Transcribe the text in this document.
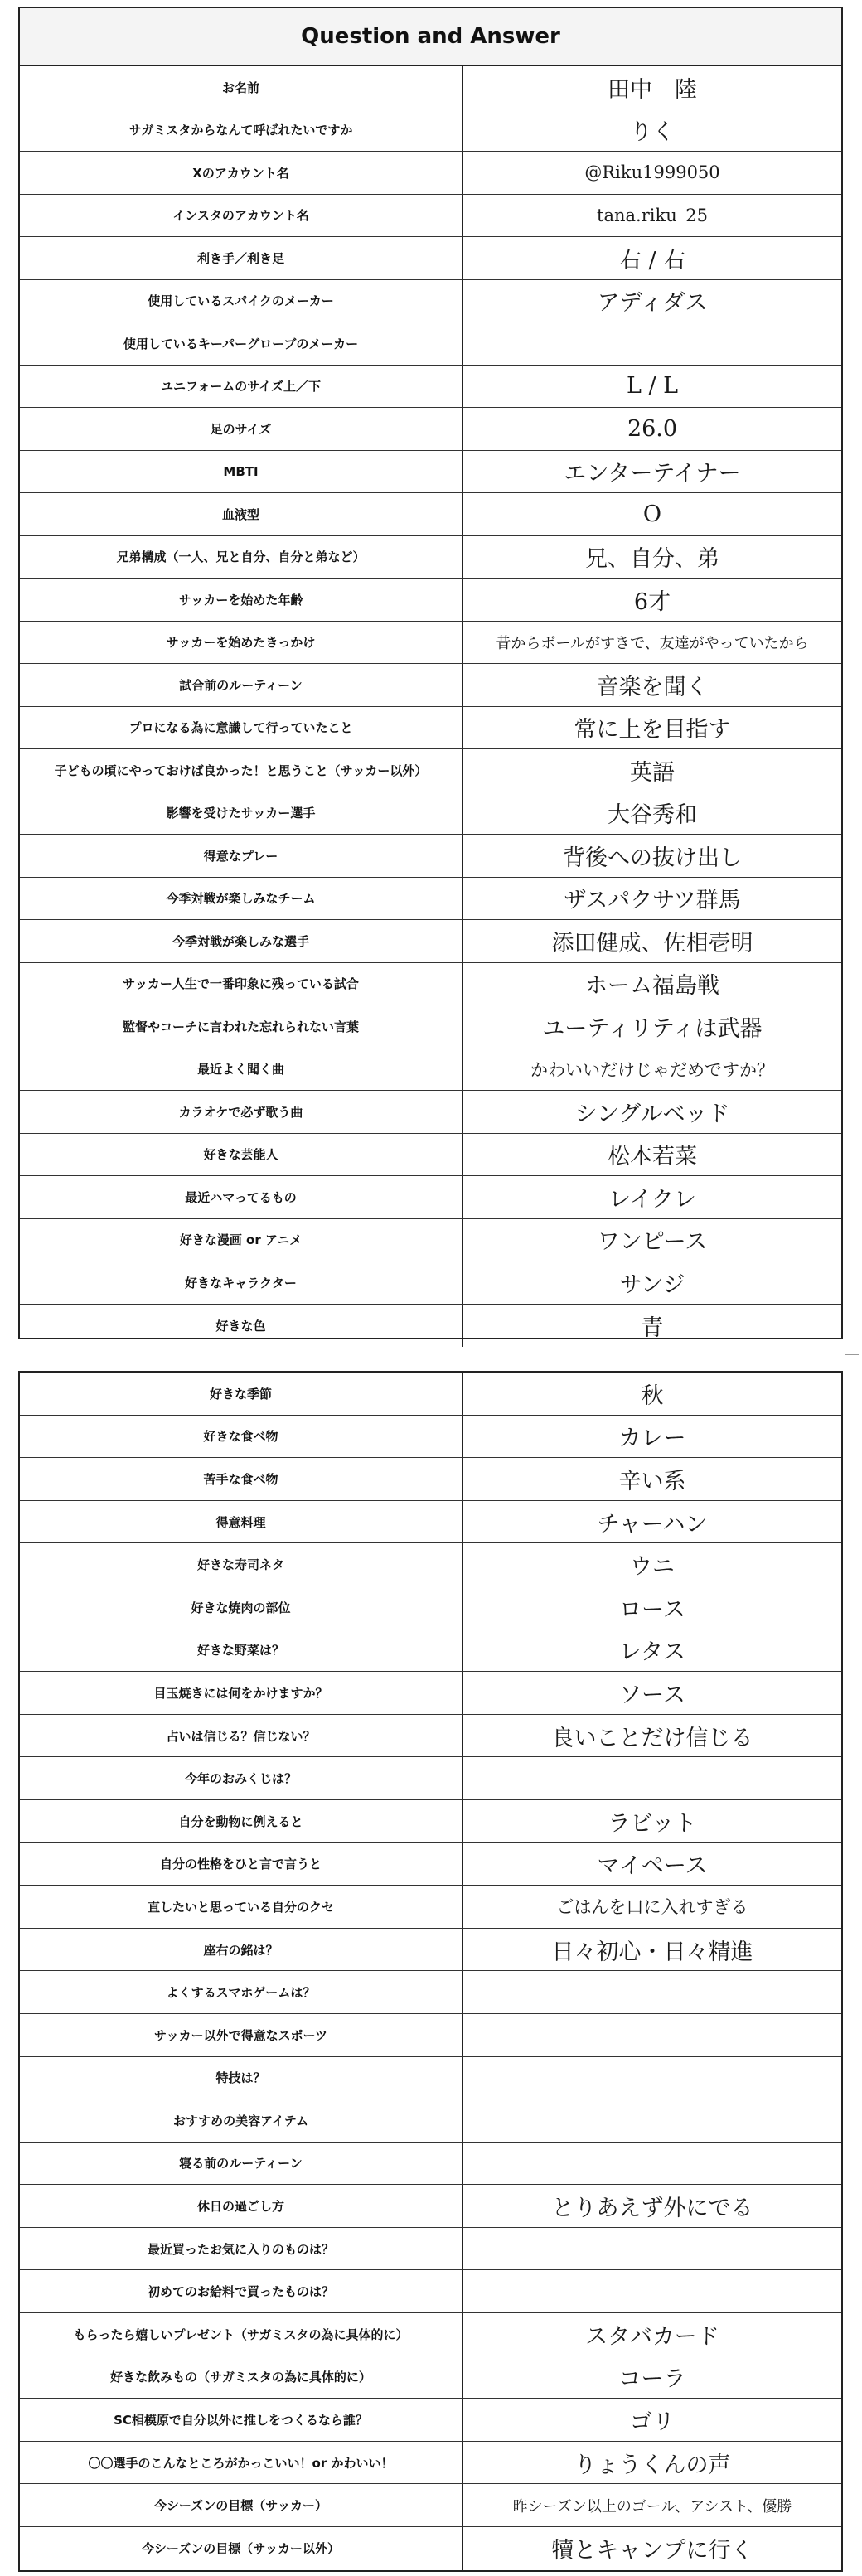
Question and Answer
お名前	田中　陸
サガミスタからなんて呼ばれたいですか	りく
Xのアカウント名	@Riku1999050
インスタのアカウント名	tana.riku_25
利き手／利き足	右 / 右
使用しているスパイクのメーカー	アディダス
使用しているキーパーグローブのメーカー
ユニフォームのサイズ上／下	L / L
足のサイズ	26.0
MBTI	エンターテイナー
血液型	O
兄弟構成（一人、兄と自分、自分と弟など）	兄、自分、弟
サッカーを始めた年齢	6才
サッカーを始めたきっかけ	昔からボールがすきで、友達がやっていたから
試合前のルーティーン	音楽を聞く
プロになる為に意識して行っていたこと	常に上を目指す
子どもの頃にやっておけば良かった！と思うこと（サッカー以外）	英語
影響を受けたサッカー選手	大谷秀和
得意なプレー	背後への抜け出し
今季対戦が楽しみなチーム	ザスパクサツ群馬
今季対戦が楽しみな選手	添田健成、佐相壱明
サッカー人生で一番印象に残っている試合	ホーム福島戦
監督やコーチに言われた忘れられない言葉	ユーティリティは武器
最近よく聞く曲	かわいいだけじゃだめですか？
カラオケで必ず歌う曲	シングルベッド
好きな芸能人	松本若菜
最近ハマってるもの	レイクレ
好きな漫画 or アニメ	ワンピース
好きなキャラクター	サンジ
好きな色	青
好きな季節	秋
好きな食べ物	カレー
苦手な食べ物	辛い系
得意料理	チャーハン
好きな寿司ネタ	ウニ
好きな焼肉の部位	ロース
好きな野菜は？	レタス
目玉焼きには何をかけますか？	ソース
占いは信じる？信じない？	良いことだけ信じる
今年のおみくじは？
自分を動物に例えると	ラビット
自分の性格をひと言で言うと	マイペース
直したいと思っている自分のクセ	ごはんを口に入れすぎる
座右の銘は？	日々初心・日々精進
よくするスマホゲームは？
サッカー以外で得意なスポーツ
特技は？
おすすめの美容アイテム
寝る前のルーティーン
休日の過ごし方	とりあえず外にでる
最近買ったお気に入りのものは？
初めてのお給料で買ったものは？
もらったら嬉しいプレゼント（サガミスタの為に具体的に）	スタバカード
好きな飲みもの（サガミスタの為に具体的に）	コーラ
SC相模原で自分以外に推しをつくるなら誰？	ゴリ
〇〇選手のこんなところがかっこいい！or かわいい！	りょうくんの声
今シーズンの目標（サッカー）	昨シーズン以上のゴール、アシスト、優勝
今シーズンの目標（サッカー以外）	犢とキャンプに行く
